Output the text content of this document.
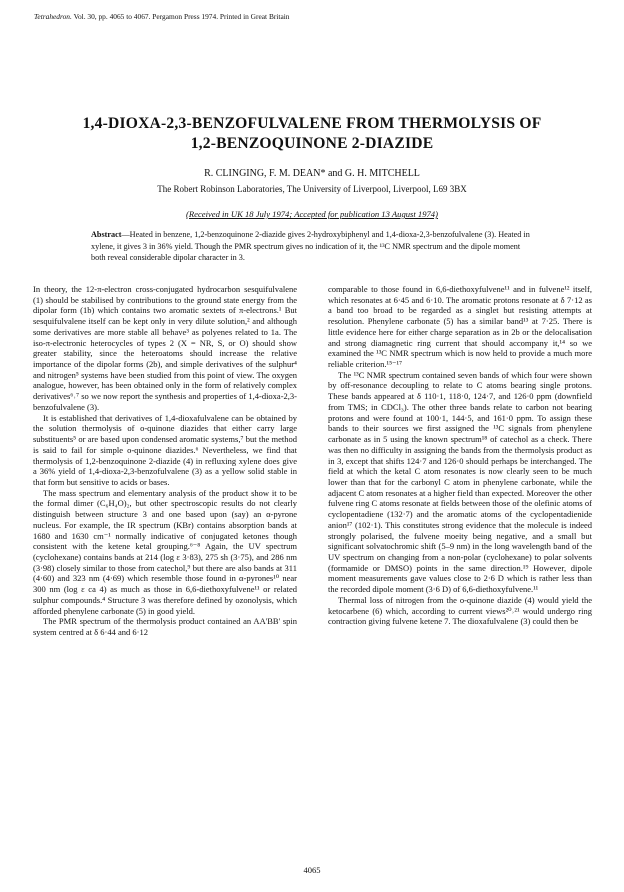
Tetrahedron. Vol. 30, pp. 4065 to 4067. Pergamon Press 1974. Printed in Great Britain
1,4-DIOXA-2,3-BENZOFULVALENE FROM THERMOLYSIS OF
1,2-BENZOQUINONE 2-DIAZIDE

R. CLINGING, F. M. DEAN* and G. H. MITCHELL

The Robert Robinson Laboratories, The University of Liverpool, Liverpool, L69 3BX

(Received in UK 18 July 1974; Accepted for publication 13 August 1974)

Abstract—Heated in benzene, 1,2-benzoquinone 2-diazide gives 2-hydroxybiphenyl and 1,4-dioxa-2,3-benzofulvalene (3). Heated in xylene, it gives 3 in 36% yield. Though the PMR spectrum gives no indication of it, the ¹³C NMR spectrum and the dipole moment both reveal considerable dipolar character in 3.

In theory, the 12-π-electron cross-conjugated hydrocarbon sesquifulvalene (1) should be stabilised by contributions to the ground state energy from the dipolar form (1b) which contains two aromatic sextets of π-electrons.¹ But sesquifulvalene itself can be kept only in very dilute solution,² and although some derivatives are more stable all behave³ as polyenes related to 1a. The iso-π-electronic heterocycles of types 2 (X = NR, S, or O) should show greater stability, since the heteroatoms should increase the relative importance of the dipolar forms (2b), and simple derivatives of the sulphur⁴ and nitrogen⁵ systems have been studied from this point of view. The oxygen analogue, however, has been obtained only in the form of relatively complex derivatives⁶˒⁷ so we now report the synthesis and properties of 1,4-dioxa-2,3-benzofulvalene (3).

It is established that derivatives of 1,4-dioxafulvalene can be obtained by the solution thermolysis of o-quinone diazides that either carry large substituents⁵ or are based upon condensed aromatic systems,⁷ but the method is said to fail for simple o-quinone diazides.⁶ Nevertheless, we find that thermolysis of 1,2-benzoquinone 2-diazide (4) in refluxing xylene does give a 36% yield of 1,4-dioxa-2,3-benzofulvalene (3) as a yellow solid stable in that form but sensitive to acids or bases.

The mass spectrum and elementary analysis of the product show it to be the formal dimer (C₆H₄O)₂, but other spectroscopic results do not clearly distinguish between structure 3 and one based upon (say) an α-pyrone nucleus. For example, the IR spectrum (KBr) contains absorption bands at 1680 and 1630 cm⁻¹ normally indicative of conjugated ketones though consistent with the ketene ketal grouping.⁶⁻⁸ Again, the UV spectrum (cyclohexane) contains bands at 214 (log ε 3·83), 275 sh (3·75), and 286 nm (3·98) closely similar to those from catechol,⁹ but there are also bands at 311 (4·60) and 323 nm (4·69) which resemble those found in α-pyrones¹⁰ near 300 nm (log ε ca 4) as much as those in 6,6-diethoxyfulvene¹¹ or related sulphur compounds.⁴ Structure 3 was therefore defined by ozonolysis, which afforded phenylene carbonate (5) in good yield.

The PMR spectrum of the thermolysis product contained an AA'BB' spin system centred at δ 6·44 and 6·12

comparable to those found in 6,6-diethoxyfulvene¹¹ and in fulvene¹² itself, which resonates at 6·45 and 6·10. The aromatic protons resonate at δ 7·12 as a band too broad to be regarded as a singlet but resisting attempts at resolution. Phenylene carbonate (5) has a similar band¹³ at 7·25. There is little evidence here for either charge separation as in 2b or the delocalisation and strong diamagnetic ring current that should accompany it,¹⁴ so we examined the ¹³C NMR spectrum which is now held to provide a much more reliable criterion.¹⁵⁻¹⁷

The ¹³C NMR spectrum contained seven bands of which four were shown by off-resonance decoupling to relate to C atoms bearing single protons. These bands appeared at δ 110·1, 118·0, 124·7, and 126·0 ppm (downfield from TMS; in CDCl₃). The other three bands relate to carbon not bearing protons and were found at 100·1, 144·5, and 161·0 ppm. To assign these bands to their sources we first assigned the ¹³C signals from phenylene carbonate as in 5 using the known spectrum¹⁸ of catechol as a check. There was then no difficulty in assigning the bands from the thermolysis product as in 3, except that shifts 124·7 and 126·0 should perhaps be interchanged. The field at which the ketal C atom resonates is now clearly seen to be much lower than that for the carbonyl C atom in phenylene carbonate, while the adjacent C atom resonates at a higher field than expected. Moreover the other fulvene ring C atoms resonate at fields between those of the olefinic atoms of cyclopentadiene (132·7) and the aromatic atoms of the cyclopentadienide anion¹⁷ (102·1). This constitutes strong evidence that the molecule is indeed strongly polarised, the fulvene moeity being negative, and a small but significant solvatochromic shift (5–9 nm) in the long wavelength band of the UV spectrum on changing from a non-polar (cyclohexane) to polar solvents (formamide or DMSO) points in the same direction.¹⁹ However, dipole moment measurements gave values close to 2·6 D which is rather less than the recorded dipole moment (3·6 D) of 6,6-diethoxyfulvene.¹¹

Thermal loss of nitrogen from the o-quinone diazide (4) would yield the ketocarbene (6) which, according to current views²⁰˒²¹ would undergo ring contraction giving fulvene ketene 7. The dioxafulvalene (3) could then be

4065
